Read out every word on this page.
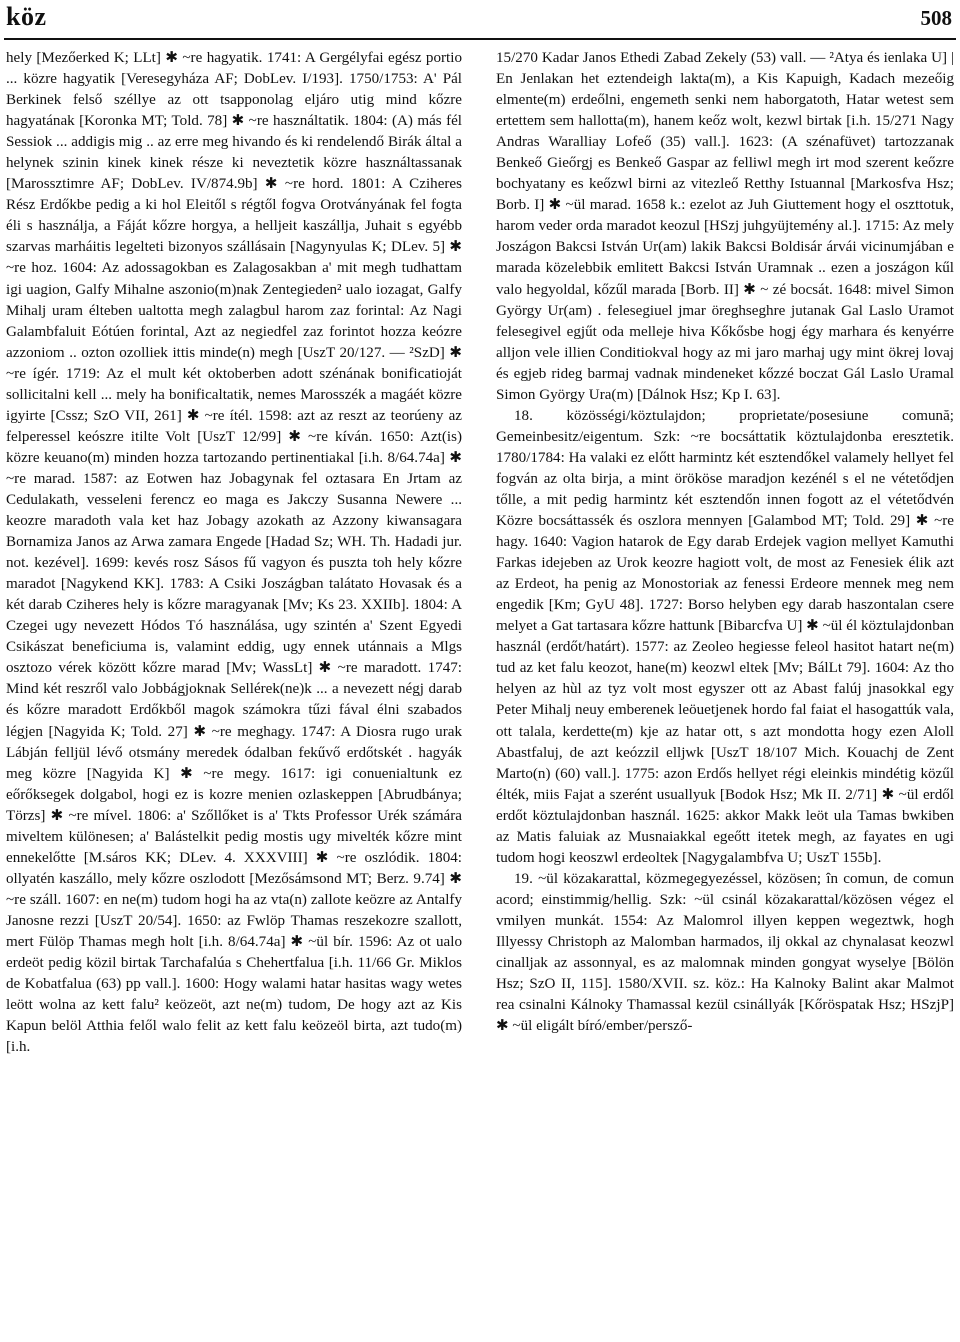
köz	508

hely [Mezőerked K; LLt] ✱ ~re hagyatik. 1741: A Gergélyfai egész portio ... közre hagyatik [Veresegyháza AF; DobLev. I/193]. 1750/1753: A' Pál Berkinek felső széllye az ott tsapponolag eljáro utig mind kőzre hagyatának [Koronka MT; Told. 78] ✱ ~re használtatik. 1804: (A) más fél Sessiok ... addigis mig .. az erre meg hivando és ki rendelendő Birák által a helynek szinin kinek kinek része ki neveztetik közre használtassanak [Marossztimre AF; DobLev. IV/874.9b] ✱ ~re hord. 1801: A Cziheres Rész Erdőkbe pedig a ki hol Eleitől s régtől fogva Orotványának fel fogta éli s használja, a Fáját kőzre horgya, a helljeit kaszállja, Juhait s egyébb szarvas marháitis legelteti bizonyos szállásain [Nagynyulas K; DLev. 5] ✱ ~re hoz. 1604: Az adossagokban es Zalagosakban a' mit megh tudhattam igi uagion, Galfy Mihalne aszonio(m)nak Zentegieden² ualo iozagat, Galfy Mihalj uram élteben ualtotta megh zalagbul harom zaz forintal: Az Nagi Galambfaluit Eótúen forintal, Azt az negiedfel zaz forintot hozza keózre azzoniom .. ozton ozolliek ittis minde(n) megh [UszT 20/127. — ²SzD] ✱ ~re ígér. 1719: Az el mult két oktoberben adott szénának bonificatioját sollicitalni kell ... mely ha bonificaltatik, nemes Marosszék a magáét közre igyirte [Cssz; SzO VII, 261] ✱ ~re ítél. 1598: azt az reszt az teorúeny az felperessel keószre itilte Volt [UszT 12/99] ✱ ~re kíván. 1650: Azt(is) közre keuano(m) minden hozza tartozando pertinentiakal [i.h. 8/64.74a] ✱ ~re marad. 1587: az Eotwen haz Jobagynak fel oztasara En Jrtam az Cedulakath, vesseleni ferencz eo maga es Jakczy Susanna Newere ... keozre maradoth vala ket haz Jobagy azokath az Azzony kiwansagara Bornamiza Janos az Arwa zamara Engede [Hadad Sz; WH. Th. Hadadi jur. not. kezével]. 1699: kevés rosz Sásos fű vagyon és puszta toh hely kőzre maradot [Nagykend KK]. 1783: A Csiki Joszágban talátato Hovasak és a két darab Cziheres hely is kőzre maragyanak [Mv; Ks 23. XXIIb]. 1804: A Czegei ugy nevezett Hódos Tó használása, ugy szintén a' Szent Egyedi Csikászat beneficiuma is, valamint eddig, ugy ennek utánnais a Mlgs osztozo vérek között kőzre marad [Mv; WassLt] ✱ ~re maradott. 1747: Mind két reszről valo Jobbágjoknak Sellérek(ne)k ... a nevezett négj darab és kőzre maradott Erdőkből magok számokra tűzi fával élni szabados légjen [Nagyida K; Told. 27] ✱ ~re meghagy. 1747: A Diosra rugo urak Lábján felljül lévő otsmány meredek ódalban fekűvő erdőtskét . hagyák meg közre [Nagyida K] ✱ ~re megy. 1617: igi conuenialtunk ez eőrőksegek dolgabol, hogi ez is kozre menien ozlaskeppen [Abrudbánya; Törzs] ✱ ~re mível. 1806: a' Szőllőket is a' Tkts Professor Urék számára miveltem különesen; a' Balástelkit pedig mostis ugy mivelték kőzre mint ennekelőtte [M.sáros KK; DLev. 4. XXXVIII] ✱ ~re oszlódik. 1804: ollyatén kaszállo, mely kőzre oszlodott [Mezősámsond MT; Berz. 9.74] ✱ ~re száll. 1607: en ne(m) tudom hogi ha az vta(n) zallote keözre az Antalfy Janosne rezzi [UszT 20/54]. 1650: az Fwlöp Thamas reszekozre szallott, mert Fülöp Thamas megh holt [i.h. 8/64.74a] ✱ ~ül bír. 1596: Az ot ualo erdeöt pedig közil birtak Tarchafalúa s Chehertfalua [i.h. 11/66 Gr. Miklos de Kobatfalua (63) pp vall.]. 1600: Hogy walami hatar hasitas wagy wetes leött wolna az kett falu² keözeöt, azt ne(m) tudom, De hogy azt az Kis Kapun belöl Atthia felől walo felit az kett falu keözeöl birta, azt tudo(m) [i.h.

15/270 Kadar Janos Ethedi Zabad Zekely (53) vall. — ²Atya és ienlaka U] | En Jenlakan het eztendeigh laktа(m), a Kis Kapuigh, Kadach mezeőig elmente(m) erdeőlni, engemeth senki nem haborgatoth, Hatar wetest sem ertettem sem hallotta(m), hanem keőz wolt, kezwl birtak [i.h. 15/271 Nagy Andras Waralliay Lofeő (35) vall.]. 1623: (A szénafüvet) tartozzanak Benkeő Gieőrgj es Benkeő Gaspar az felliwl megh irt mod szerent keőzre bochyatany es keőzwl birni az vitezleő Retthy Istuannal [Markosfva Hsz; Borb. I] ✱ ~ül marad. 1658 k.: ezelot az Juh Giuttement hogy el oszttotuk, harom veder orda maradot keozul [HSzj juhgyüjtemény al.]. 1715: Az mely Joszágon Bakcsi István Ur(am) lakik Bakcsi Boldisár árvái vicinumjában e marada közelebbik emlitett Bakcsi István Uramnak .. ezen a joszágon kűl valo hegyoldal, kőzűl marada [Borb. II] ✱ ~ zé bocsát. 1648: mivel Simon György Ur(am) . felesegiuel jmar öreghseghre jutanak Gal Laslo Uramot felesegivel egjűt oda melleje hiva Kőkősbe hogj égy marhara és kenyérre alljon vele illien Conditiokval hogy az mi jaro marhaj ugy mint ökrej lovaj és egjeb rideg barmaj vadnak mindeneket kőzzé boczat Gál Laslo Uramal Simon György Ura(m) [Dálnok Hsz; Kp I. 63].

18. közösségi/köztulajdon; proprietate/posesiune comună; Gemeinbesitz/eigentum. Szk: ~re bocsáttatik köztulajdonba eresztetik. 1780/1784: Ha valaki ez előtt harmintz két esztendőkel valamely hellyet fel fogván az olta birja, a mint örököse maradjon kezénél s el ne vétetődjen tőlle, a mit pedig harmintz két esztendőn innen fogott az el vétetődvén Közre bocsáttassék és oszlora mennyen [Galambod MT; Told. 29] ✱ ~re hagy. 1640: Vagion hatarok de Egy darab Erdejek vagion mellyet Kamuthi Farkas idejeben az Urok keozre hagiott volt, de most az Fenesiek élik azt az Erdeot, ha penig az Monostoriak az fenessi Erdeore mennek meg nem engedik [Km; GyU 48]. 1727: Borso helyben egy darab haszontalan csere melyet a Gat tartasara kőzre hattunk [Bibarcfva U] ✱ ~ül él köztulajdonban használ (erdőt/határt). 1577: az Zeoleo hegiesse feleol hasitot hatart ne(m) tud az ket falu keozot, hane(m) keozwl eltek [Mv; BálLt 79]. 1604: Az tho helyen az hùl az tyz volt most egyszer ott az Abast falúj jnasokkal egy Peter Mihalj neuy emberenek leöuetjenek hordo fal faiat el hasogattúk vala, ott talala, kerdette(m) kje az hatar ott, s azt mondotta hogy ezen Aloll Abastfaluj, de azt keózzil elljwk [UszT 18/107 Mich. Kouachj de Zent Marto(n) (60) vall.]. 1775: azon Erdős hellyet régi eleinkis mindétig közűl élték, miis Fajat a szerént usuallyuk [Bodok Hsz; Mk II. 2/71] ✱ ~ül erdől erdőt köztulajdonban használ. 1625: akkor Makk leöt ula Tamas bwkiben az Matis faluiak az Musnaiakkal egeőtt itetek megh, az fayates en ugi tudom hogi keoszwl erdeoltek [Nagygalambfva U; UszT 155b].

19. ~ül közakarattal, közmegegyezéssel, közösen; în comun, de comun acord; einstimmig/hellig. Szk: ~ül csinál közakarattal/közösen végez el vmilyen munkát. 1554: Az Malomrol illyen keppen wegeztwk, hogh Illyessy Christoph az Malomban harmados, ilj okkal az chynalasat keozwl cinalljak az assonnyal, es az malomnak minden gongyat wyselye [Bölön Hsz; SzO II, 115]. 1580/XVII. sz. köz.: Ha Kalnoky Balint akar Malmot rea csinalni Kálnoky Thamassal kezül csinállyák [Kőröspatak Hsz; HSzjP] ✱ ~ül eligált bíró/ember/persző-
